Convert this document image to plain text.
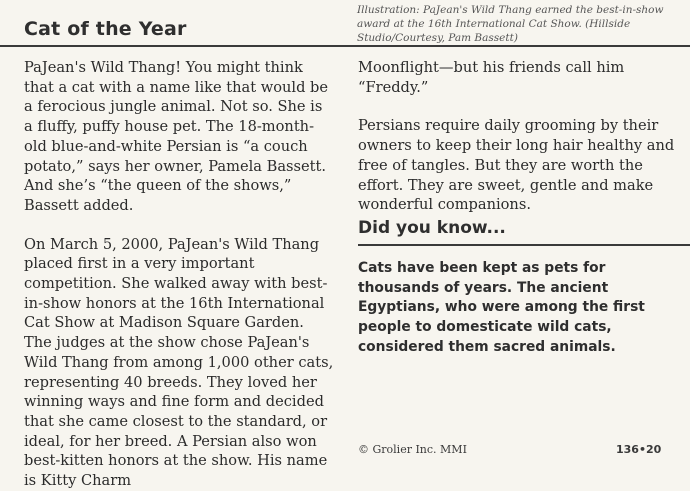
Cat of the Year
Illustration: PaJean's Wild Thang earned the best-in-show award at the 16th International Cat Show. (Hillside Studio/Courtesy, Pam Bassett)

PaJean's Wild Thang! You might think that a cat with a name like that would be a ferocious jungle animal. Not so. She is a fluffy, puffy house pet. The 18-month-old blue-and-white Persian is “a couch potato,” says her owner, Pamela Bassett. And she’s “the queen of the shows,” Bassett added.

On March 5, 2000, PaJean's Wild Thang placed first in a very important competition. She walked away with best-in-show honors at the 16th International Cat Show at Madison Square Garden. The judges at the show chose PaJean's Wild Thang from among 1,000 other cats, representing 40 breeds. They loved her winning ways and fine form and decided that she came closest to the standard, or ideal, for her breed. A Persian also won best-kitten honors at the show. His name is Kitty Charm

Moonflight—but his friends call him “Freddy.”

Persians require daily grooming by their owners to keep their long hair healthy and free of tangles. But they are worth the effort. They are sweet, gentle and make wonderful companions.

Did you know...
Cats have been kept as pets for thousands of years. The ancient Egyptians, who were among the first people to domesticate wild cats, considered them sacred animals.
© Grolier Inc. MMI	136•20
